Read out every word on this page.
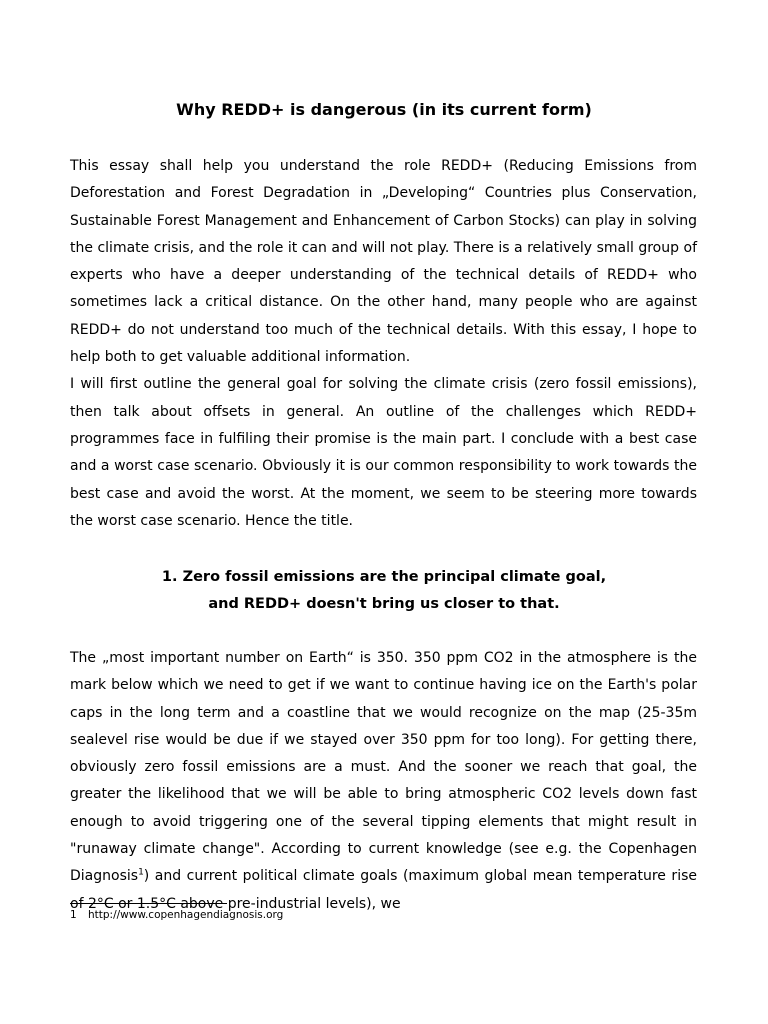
Why REDD+ is dangerous (in its current form)

This essay shall help you understand the role REDD+ (Reducing Emissions from Deforestation and Forest Degradation in „Developing“ Countries plus Conservation, Sustainable Forest Management and Enhancement of Carbon Stocks) can play in solving the climate crisis, and the role it can and will not play. There is a relatively small group of experts who have a deeper understanding of the technical details of REDD+ who sometimes lack a critical distance. On the other hand, many people who are against REDD+ do not understand too much of the technical details. With this essay, I hope to help both to get valuable additional information.

I will first outline the general goal for solving the climate crisis (zero fossil emissions), then talk about offsets in general. An outline of the challenges which REDD+ programmes face in fulfiling their promise is the main part. I conclude with a best case and a worst case scenario. Obviously it is our common responsibility to work towards the best case and avoid the worst. At the moment, we seem to be steering more towards the worst case scenario. Hence the title.

1. Zero fossil emissions are the principal climate goal,
and REDD+ doesn't bring us closer to that.

The „most important number on Earth“ is 350. 350 ppm CO2 in the atmosphere is the mark below which we need to get if we want to continue having ice on the Earth's polar caps in the long term and a coastline that we would recognize on the map (25-35m sealevel rise would be due if we stayed over 350 ppm for too long). For getting there, obviously zero fossil emissions are a must. And the sooner we reach that goal, the greater the likelihood that we will be able to bring atmospheric CO2 levels down fast enough to avoid triggering one of the several tipping elements that might result in "runaway climate change". According to current knowledge (see e.g. the Copenhagen Diagnosis$^1$) and current political climate goals (maximum global mean temperature rise of 2°C or 1.5°C above pre-industrial levels), we

1 http://www.copenhagendiagnosis.org
